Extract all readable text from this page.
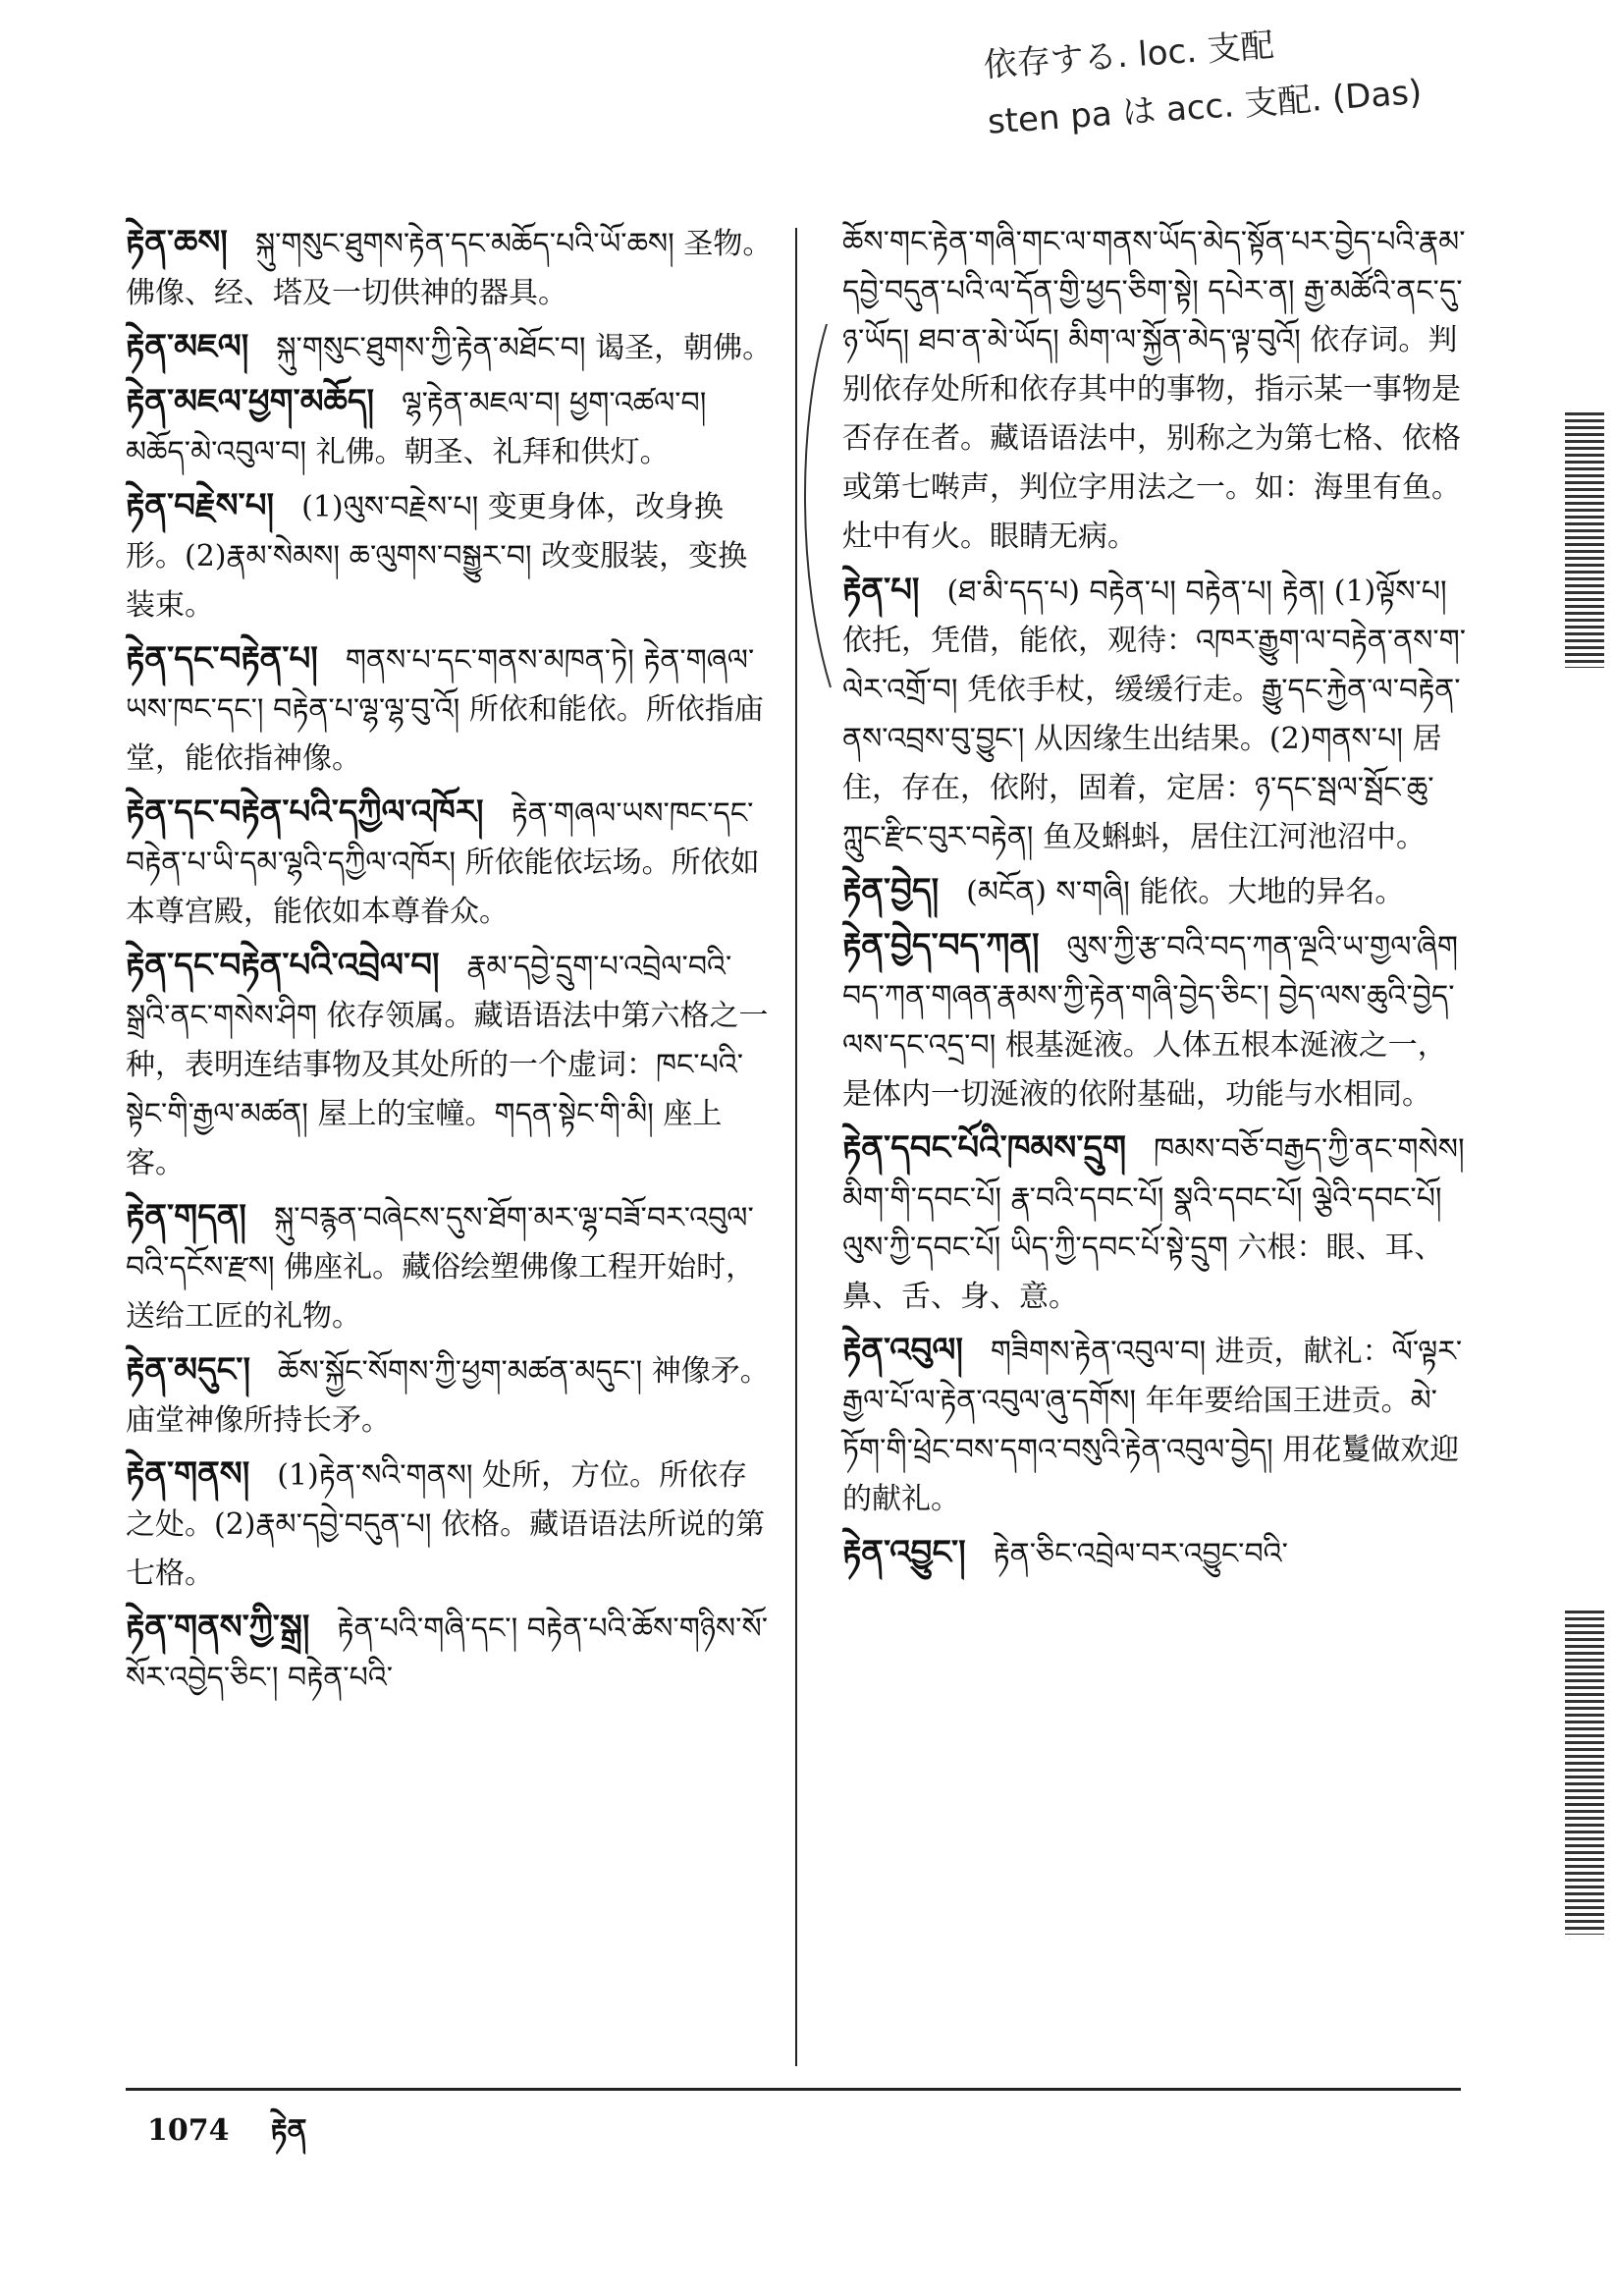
依存する. loc. 支配
sten pa は acc. 支配. (Das)
རྟེན་ཆས། སྐུ་གསུང་ཐུགས་རྟེན་དང་མཆོད་པའི་ཡོ་ཆས། 圣物。佛像、经、塔及一切供神的器具。
རྟེན་མཇལ། སྐུ་གསུང་ཐུགས་ཀྱི་རྟེན་མཐོང་བ། 谒圣，朝佛。
རྟེན་མཇལ་ཕྱག་མཆོད། ལྷ་རྟེན་མཇལ་བ། ཕྱག་འཚལ་བ། མཆོད་མེ་འབུལ་བ། 礼佛。朝圣、礼拜和供灯。
རྟེན་བརྗེས་པ། (1)ལུས་བརྗེས་པ། 变更身体，改身换形。(2)རྣམ་སེམས། ཆ་ལུགས་བསྒྱུར་བ། 改变服装，变换装束。
རྟེན་དང་བརྟེན་པ། གནས་པ་དང་གནས་མཁན་ཏེ། རྟེན་གཞལ་ཡས་ཁང་དང་། བརྟེན་པ་ལྷ་ལྷ་བུ་འོ། 所依和能依。所依指庙堂，能依指神像。
རྟེན་དང་བརྟེན་པའི་དཀྱིལ་འཁོར། རྟེན་གཞལ་ཡས་ཁང་དང་བརྟེན་པ་ཡི་དམ་ལྷའི་དཀྱིལ་འཁོར། 所依能依坛场。所依如本尊宫殿，能依如本尊眷众。
རྟེན་དང་བརྟེན་པའི་འབྲེལ་བ། རྣམ་དབྱེ་དྲུག་པ་འབྲེལ་བའི་སྒྲའི་ནང་གསེས་ཤིག 依存领属。藏语语法中第六格之一种，表明连结事物及其处所的一个虚词：ཁང་པའི་སྟེང་གི་རྒྱལ་མཚན། 屋上的宝幢。གདན་སྟེང་གི་མི། 座上客。
རྟེན་གདན། སྐུ་བརྙན་བཞེངས་དུས་ཐོག་མར་ལྷ་བཟོ་བར་འབུལ་བའི་དངོས་རྫས། 佛座礼。藏俗绘塑佛像工程开始时，送给工匠的礼物。
རྟེན་མདུང་། ཆོས་སྐྱོང་སོགས་ཀྱི་ཕྱག་མཚན་མདུང་། 神像矛。庙堂神像所持长矛。
རྟེན་གནས། (1)རྟེན་སའི་གནས། 处所，方位。所依存之处。(2)རྣམ་དབྱེ་བདུན་པ། 依格。藏语语法所说的第七格。
རྟེན་གནས་ཀྱི་སྒྲ། རྟེན་པའི་གཞི་དང་། བརྟེན་པའི་ཆོས་གཉིས་སོ་སོར་འབྱེད་ཅིང་། བརྟེན་པའི་
ཆོས་གང་རྟེན་གཞི་གང་ལ་གནས་ཡོད་མེད་སྟོན་པར་བྱེད་པའི་རྣམ་དབྱེ་བདུན་པའི་ལ་དོན་གྱི་ཕྱད་ཅིག་སྟེ། དཔེར་ན། རྒྱ་མཚོའི་ནང་དུ་ཉ་ཡོད། ཐབ་ན་མེ་ཡོད། མིག་ལ་སྐྱོན་མེད་ལྟ་བུའོ། 依存词。判别依存处所和依存其中的事物，指示某一事物是否存在者。藏语语法中，别称之为第七格、依格或第七啭声，判位字用法之一。如：海里有鱼。灶中有火。眼睛无病。
རྟེན་པ། (ཐ་མི་དད་པ) བརྟེན་པ། བརྟེན་པ། རྟེན། (1)ལྟོས་པ། 依托，凭借，能依，观待：འཁར་རྒྱུག་ལ་བརྟེན་ནས་ག་ལེར་འགྲོ་བ། 凭依手杖，缓缓行走。རྒྱུ་དང་རྐྱེན་ལ་བརྟེན་ནས་འབྲས་བུ་བྱུང་། 从因缘生出结果。(2)གནས་པ། 居住，存在，依附，固着，定居：ཉ་དང་སྦལ་སྦོང་ཆུ་ཀླུང་རྫིང་བུར་བརྟེན། 鱼及蝌蚪，居住江河池沼中。
རྟེན་བྱེད། (མངོན) ས་གཞི། 能依。大地的异名。
རྟེན་བྱེད་བད་ཀན། ལུས་ཀྱི་རྩ་བའི་བད་ཀན་ལྔའི་ཡ་གྱལ་ཞིག བད་ཀན་གཞན་རྣམས་ཀྱི་རྟེན་གཞི་བྱེད་ཅིང་། བྱེད་ལས་ཆུའི་བྱེད་ལས་དང་འདྲ་བ། 根基涎液。人体五根本涎液之一，是体内一切涎液的依附基础，功能与水相同。
རྟེན་དབང་པོའི་ཁམས་དྲུག ཁམས་བཅོ་བརྒྱད་ཀྱི་ནང་གསེས། མིག་གི་དབང་པོ། རྣ་བའི་དབང་པོ། སྣའི་དབང་པོ། ལྕེའི་དབང་པོ། ལུས་ཀྱི་དབང་པོ། ཡིད་ཀྱི་དབང་པོ་སྟེ་དྲུག 六根：眼、耳、鼻、舌、身、意。
རྟེན་འབུལ། གཟིགས་རྟེན་འབུལ་བ། 进贡，献礼：ལོ་ལྟར་རྒྱལ་པོ་ལ་རྟེན་འབུལ་ཞུ་དགོས། 年年要给国王进贡。མེ་ཏོག་གི་ཕྲེང་བས་དགའ་བསུའི་རྟེན་འབུལ་བྱེད། 用花鬘做欢迎的献礼。
རྟེན་འབྱུང་། རྟེན་ཅིང་འབྲེལ་བར་འབྱུང་བའི་
1074 རྟེན
